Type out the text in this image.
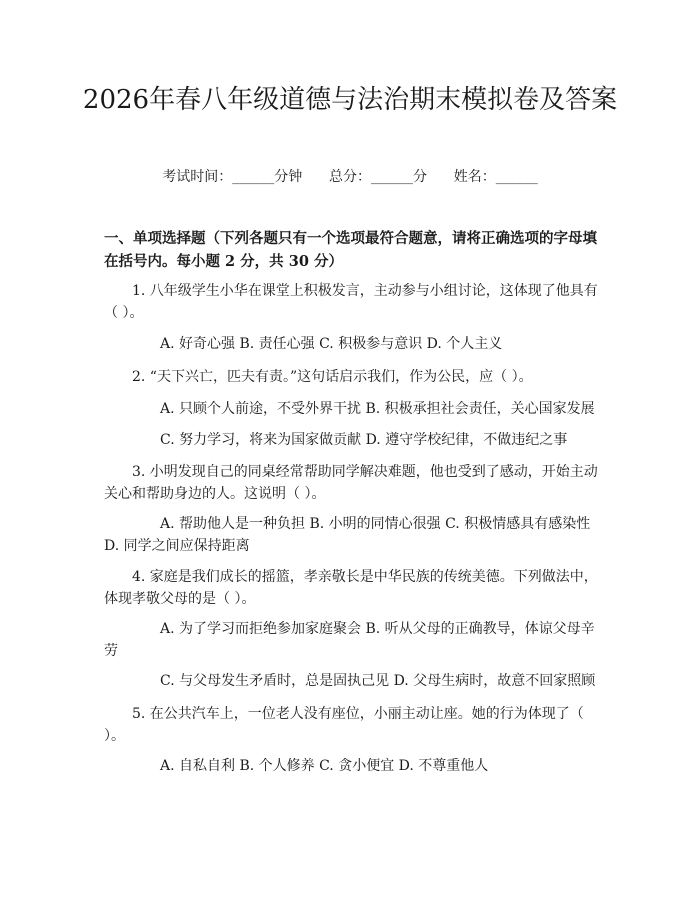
2026年春八年级道德与法治期末模拟卷及答案
考试时间：______分钟      总分：______分      姓名：______
一、单项选择题（下列各题只有一个选项最符合题意，请将正确选项的字母填在括号内。每小题 2 分，共 30 分）

1. 八年级学生小华在课堂上积极发言，主动参与小组讨论，这体现了他具有（ ）。

A. 好奇心强 B. 责任心强 C. 积极参与意识 D. 个人主义

2. “天下兴亡，匹夫有责。”这句话启示我们，作为公民，应（ ）。

A. 只顾个人前途，不受外界干扰 B. 积极承担社会责任，关心国家发展

C. 努力学习，将来为国家做贡献 D. 遵守学校纪律，不做违纪之事

3. 小明发现自己的同桌经常帮助同学解决难题，他也受到了感动，开始主动关心和帮助身边的人。这说明（ ）。

A. 帮助他人是一种负担 B. 小明的同情心很强 C. 积极情感具有感染性 D. 同学之间应保持距离

4. 家庭是我们成长的摇篮，孝亲敬长是中华民族的传统美德。下列做法中，体现孝敬父母的是（ ）。

A. 为了学习而拒绝参加家庭聚会 B. 听从父母的正确教导，体谅父母辛劳

C. 与父母发生矛盾时，总是固执己见 D. 父母生病时，故意不回家照顾

5. 在公共汽车上，一位老人没有座位，小丽主动让座。她的行为体现了（ ）。

A. 自私自利 B. 个人修养 C. 贪小便宜 D. 不尊重他人
